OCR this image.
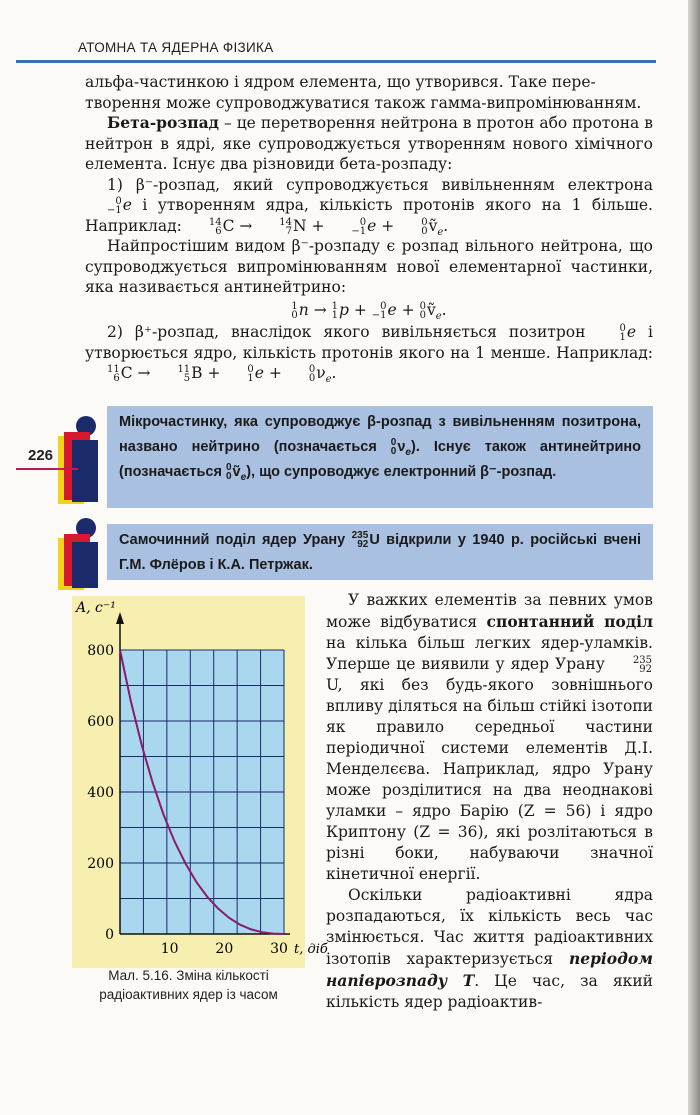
АТОМНА ТА ЯДЕРНА ФІЗИКА

альфа-частинкою і ядром елемента, що утворився. Таке пере-

творення може супроводжуватися також гамма-випромінюванням.

Бета-розпад – це перетворення нейтрона в протон або протона в нейтрон в ядрі, яке супроводжується утворенням нового хімічного елемента. Існує два різновиди бета-розпаду:

1) β⁻-розпад, який супроводжується вивільненням електрона
0
−1 e і утворенням ядра, кількість протонів якого на 1 більше. Наприклад:	14
6 C →	14
7 N +	0
−1 e +	0
0 ṽ$_e$.

Найпростішим видом β⁻-розпаду є розпад вільного нейтрона, що супроводжується випромінюванням нової елементарної частинки, яка називається антинейтрино:

1
0 n → 1
1 p + 0
−1 e + 0
0 ṽ$_e$.

2) β⁺-розпад, внаслідок якого вивільняється позитрон	0
1 e і утворюється ядро, кількість протонів якого на 1 менше. Наприклад:
11
6 C →	11
5 B +	0
1 e +	0
0 $\nu_e$.

226
Мікрочастинку, яка супроводжує β-розпад з вивільненням позитрона, названо нейтрино (позначається 0
0 $\nu_e$). Існує також антинейтрино (позначається 0
0 ṽ$_e$), що супроводжує електронний β⁻-розпад.
Самочинний поділ ядер Урану 235
92 U відкрили у 1940 р. російські вчені Г.М. Флёров і К.А. Петржак.
0
200
400
600
800
10	20	30
A, с⁻¹
t, діб
Мал. 5.16. Зміна кількості
радіоактивних ядер із часом

У важких елементів за певних умов може відбуватися спонтанний поділ на кілька більш легких ядер-уламків. Уперше це виявили у ядер Урану	235
92
U, які без будь-якого зовнішнього впливу діляться на більш стійкі ізотопи як правило середньої частини періодичної системи елементів Д.І. Менделєєва. Наприклад, ядро Урану може розділитися на два неоднакові уламки – ядро Барію (Z = 56) і ядро Криптону (Z = 36), які розлітаються в різні боки, набуваючи значної кінетичної енергії.

Оскільки радіоактивні ядра розпадаються, їх кількість весь час змінюється. Час життя радіоактивних ізотопів характеризується періодом напіврозпаду T. Це час, за який кількість ядер радіоактив-
